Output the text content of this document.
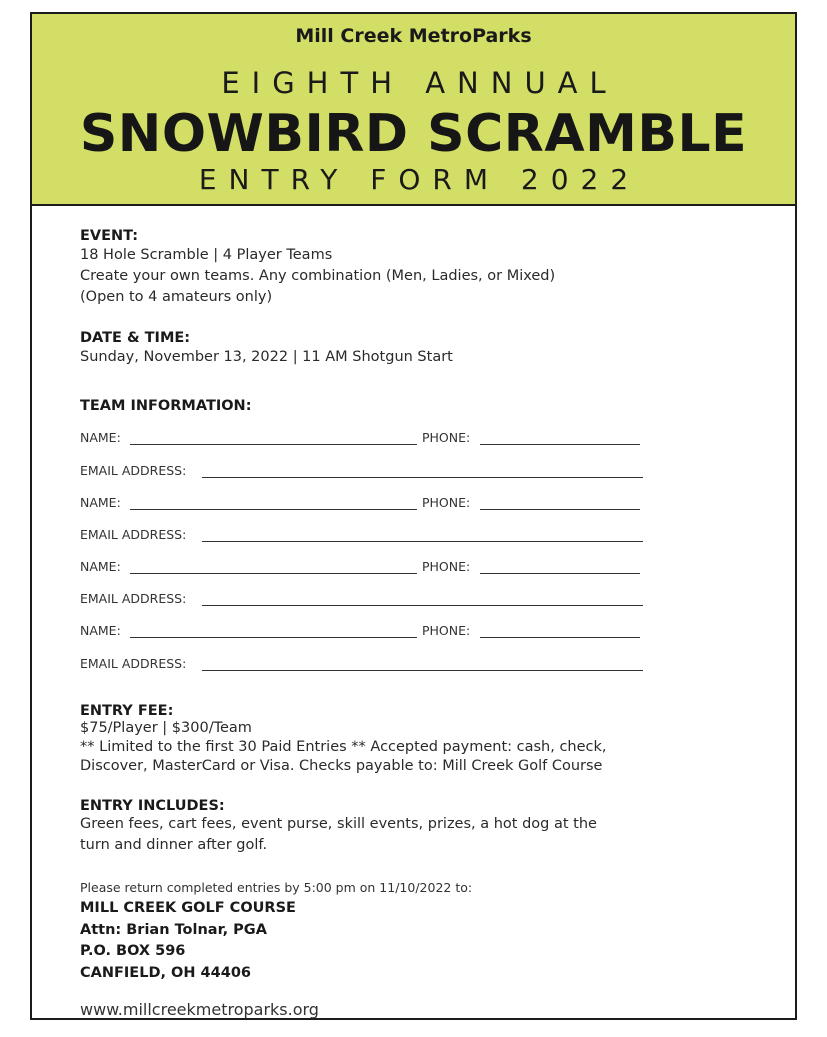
Mill Creek MetroParks
EIGHTH ANNUAL
SNOWBIRD SCRAMBLE
ENTRY FORM 2022
EVENT:
18 Hole Scramble | 4 Player Teams
Create your own teams. Any combination (Men, Ladies, or Mixed)
(Open to 4 amateurs only)
DATE & TIME:
Sunday, November 13, 2022 | 11 AM Shotgun Start
TEAM INFORMATION:
NAME:	PHONE:
EMAIL ADDRESS:
NAME:	PHONE:
EMAIL ADDRESS:
NAME:	PHONE:
EMAIL ADDRESS:
NAME:	PHONE:
EMAIL ADDRESS:
ENTRY FEE:
$75/Player | $300/Team
** Limited to the first 30 Paid Entries ** Accepted payment: cash, check,
Discover, MasterCard or Visa. Checks payable to: Mill Creek Golf Course
ENTRY INCLUDES:
Green fees, cart fees, event purse, skill events, prizes, a hot dog at the
turn and dinner after golf.
Please return completed entries by 5:00 pm on 11/10/2022 to:
MILL CREEK GOLF COURSE
Attn: Brian Tolnar, PGA
P.O. BOX 596
CANFIELD, OH 44406
www.millcreekmetroparks.org
